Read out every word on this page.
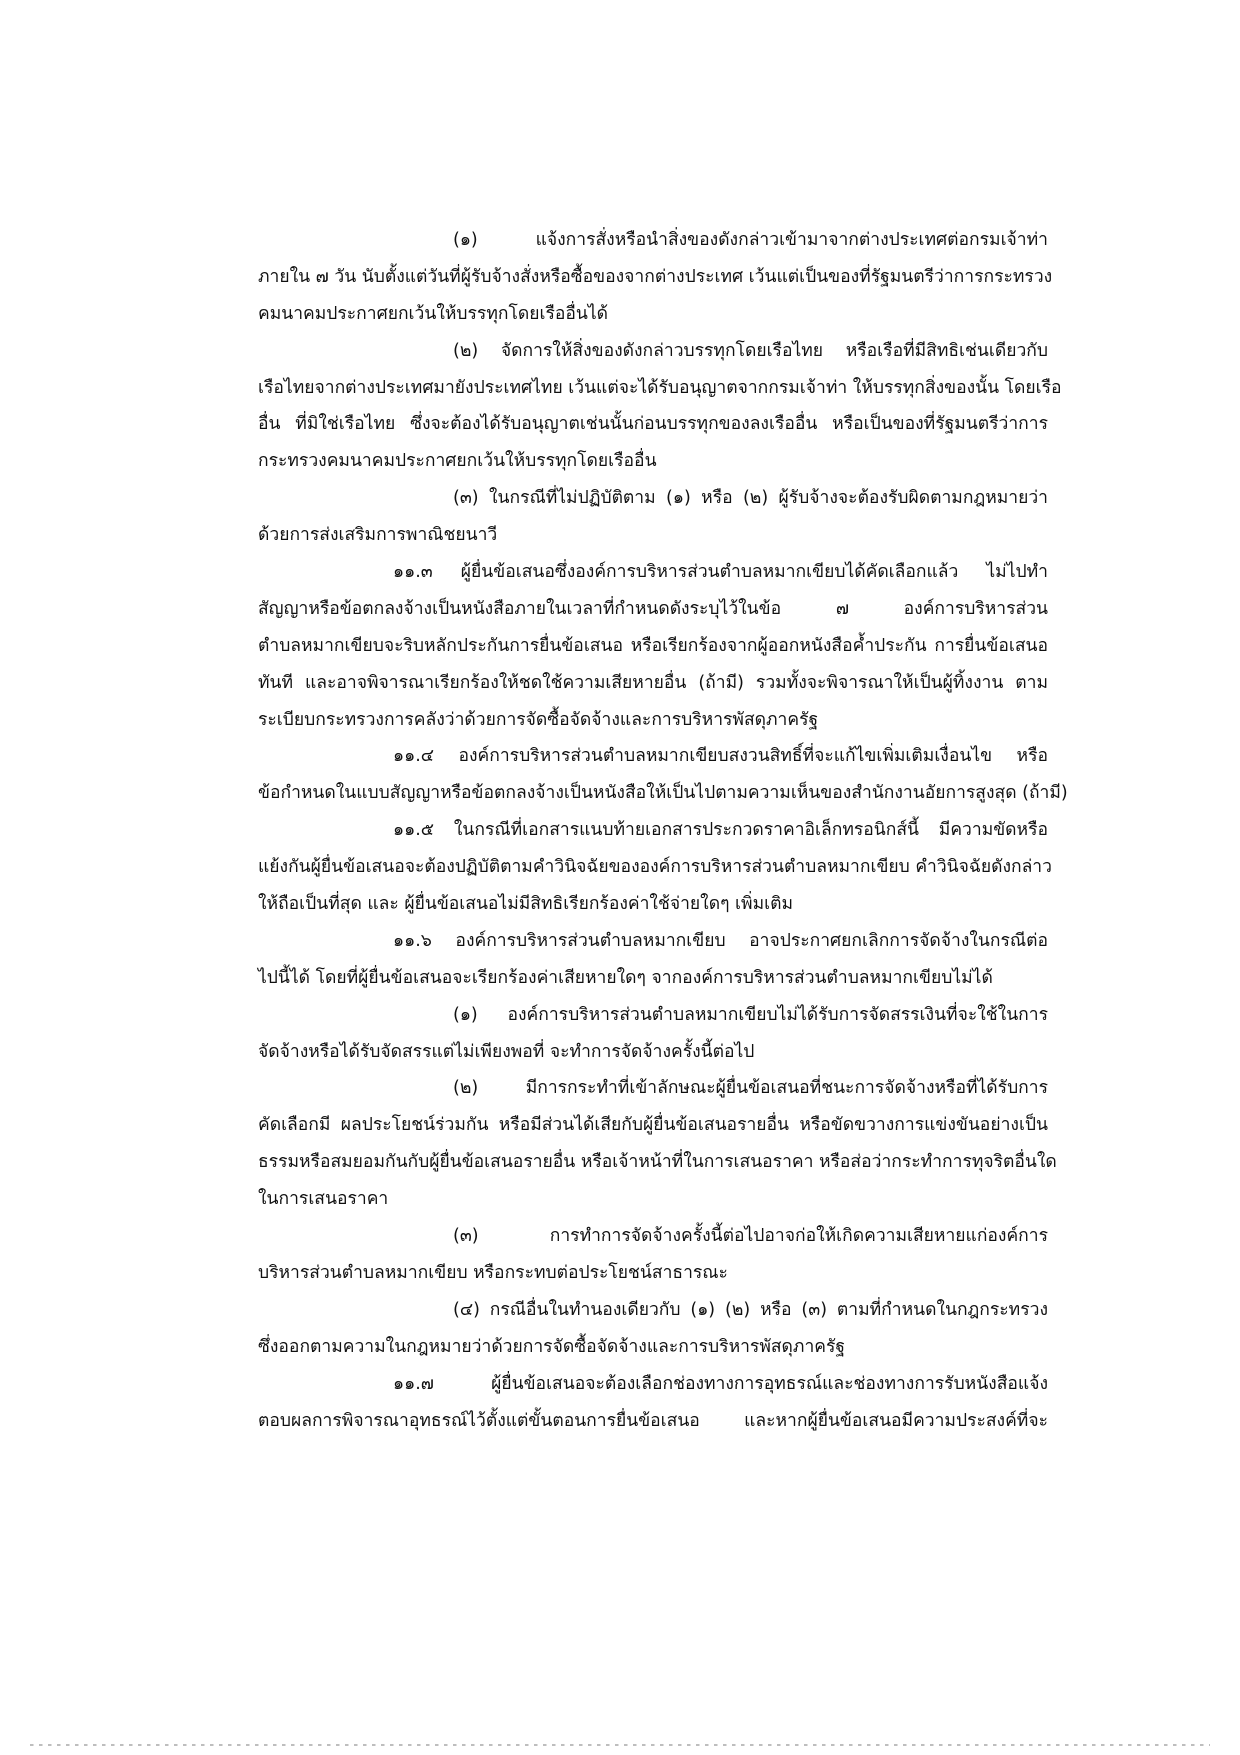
(๑) แจ้งการสั่งหรือนำสิ่งของดังกล่าวเข้ามาจากต่างประเทศต่อกรมเจ้าท่า
ภายใน ๗ วัน นับตั้งแต่วันที่ผู้รับจ้างสั่งหรือซื้อของจากต่างประเทศ เว้นแต่เป็นของที่รัฐมนตรีว่าการกระทรวง
คมนาคมประกาศยกเว้นให้บรรทุกโดยเรืออื่นได้
(๒) จัดการให้สิ่งของดังกล่าวบรรทุกโดยเรือไทย หรือเรือที่มีสิทธิเช่นเดียวกับ
เรือไทยจากต่างประเทศมายังประเทศไทย เว้นแต่จะได้รับอนุญาตจากกรมเจ้าท่า ให้บรรทุกสิ่งของนั้น โดยเรือ
อื่น ที่มิใช่เรือไทย ซึ่งจะต้องได้รับอนุญาตเช่นนั้นก่อนบรรทุกของลงเรืออื่น หรือเป็นของที่รัฐมนตรีว่าการ
กระทรวงคมนาคมประกาศยกเว้นให้บรรทุกโดยเรืออื่น
(๓) ในกรณีที่ไม่ปฏิบัติตาม (๑) หรือ (๒) ผู้รับจ้างจะต้องรับผิดตามกฎหมายว่า
ด้วยการส่งเสริมการพาณิชยนาวี
๑๑.๓ ผู้ยื่นข้อเสนอซึ่งองค์การบริหารส่วนตำบลหมากเขียบได้คัดเลือกแล้ว ไม่ไปทำ
สัญญาหรือข้อตกลงจ้างเป็นหนังสือภายในเวลาที่กำหนดดังระบุไว้ในข้อ ๗ องค์การบริหารส่วน
ตำบลหมากเขียบจะริบหลักประกันการยื่นข้อเสนอ หรือเรียกร้องจากผู้ออกหนังสือค้ำประกัน การยื่นข้อเสนอ
ทันที และอาจพิจารณาเรียกร้องให้ชดใช้ความเสียหายอื่น (ถ้ามี) รวมทั้งจะพิจารณาให้เป็นผู้ทิ้งงาน ตาม
ระเบียบกระทรวงการคลังว่าด้วยการจัดซื้อจัดจ้างและการบริหารพัสดุภาครัฐ
๑๑.๔ องค์การบริหารส่วนตำบลหมากเขียบสงวนสิทธิ์ที่จะแก้ไขเพิ่มเติมเงื่อนไข หรือ
ข้อกำหนดในแบบสัญญาหรือข้อตกลงจ้างเป็นหนังสือให้เป็นไปตามความเห็นของสำนักงานอัยการสูงสุด (ถ้ามี)
๑๑.๕ ในกรณีที่เอกสารแนบท้ายเอกสารประกวดราคาอิเล็กทรอนิกส์นี้ มีความขัดหรือ
แย้งกันผู้ยื่นข้อเสนอจะต้องปฏิบัติตามคำวินิจฉัยขององค์การบริหารส่วนตำบลหมากเขียบ คำวินิจฉัยดังกล่าว
ให้ถือเป็นที่สุด และ ผู้ยื่นข้อเสนอไม่มีสิทธิเรียกร้องค่าใช้จ่ายใดๆ เพิ่มเติม
๑๑.๖ องค์การบริหารส่วนตำบลหมากเขียบ อาจประกาศยกเลิกการจัดจ้างในกรณีต่อ
ไปนี้ได้ โดยที่ผู้ยื่นข้อเสนอจะเรียกร้องค่าเสียหายใดๆ จากองค์การบริหารส่วนตำบลหมากเขียบไม่ได้
(๑) องค์การบริหารส่วนตำบลหมากเขียบไม่ได้รับการจัดสรรเงินที่จะใช้ในการ
จัดจ้างหรือได้รับจัดสรรแต่ไม่เพียงพอที่ จะทำการจัดจ้างครั้งนี้ต่อไป
(๒) มีการกระทำที่เข้าลักษณะผู้ยื่นข้อเสนอที่ชนะการจัดจ้างหรือที่ได้รับการ
คัดเลือกมี ผลประโยชน์ร่วมกัน หรือมีส่วนได้เสียกับผู้ยื่นข้อเสนอรายอื่น หรือขัดขวางการแข่งขันอย่างเป็น
ธรรมหรือสมยอมกันกับผู้ยื่นข้อเสนอรายอื่น หรือเจ้าหน้าที่ในการเสนอราคา หรือส่อว่ากระทำการทุจริตอื่นใด
ในการเสนอราคา
(๓) การทำการจัดจ้างครั้งนี้ต่อไปอาจก่อให้เกิดความเสียหายแก่องค์การ
บริหารส่วนตำบลหมากเขียบ หรือกระทบต่อประโยชน์สาธารณะ
(๔) กรณีอื่นในทำนองเดียวกับ (๑) (๒) หรือ (๓) ตามที่กำหนดในกฎกระทรวง
ซึ่งออกตามความในกฎหมายว่าด้วยการจัดซื้อจัดจ้างและการบริหารพัสดุภาครัฐ
๑๑.๗ ผู้ยื่นข้อเสนอจะต้องเลือกช่องทางการอุทธรณ์และช่องทางการรับหนังสือแจ้ง
ตอบผลการพิจารณาอุทธรณ์ไว้ตั้งแต่ขั้นตอนการยื่นข้อเสนอ และหากผู้ยื่นข้อเสนอมีความประสงค์ที่จะ
